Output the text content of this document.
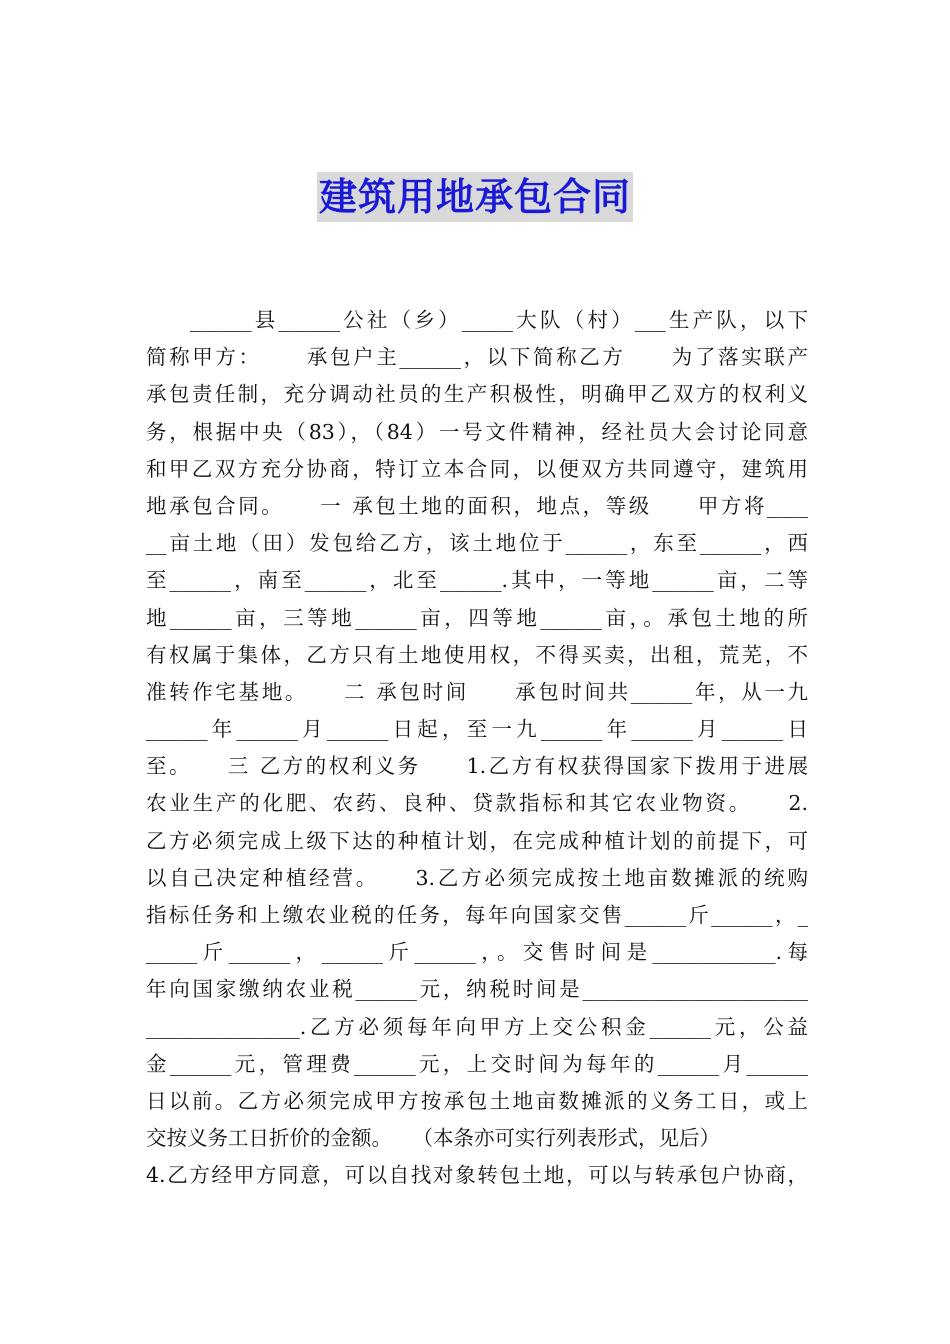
建筑用地承包合同
______县______公社（乡）_____大队（村）___生产队，以下
简称甲方：　　 承包户主______，以下简称乙方　　为了落实联产
承包责任制，充分调动社员的生产积极性，明确甲乙双方的权利义
务，根据中央（83），（84）一号文件精神，经社员大会讨论同意
和甲乙双方充分协商，特订立本合同，以便双方共同遵守，建筑用
地承包合同。　　一 承包土地的面积，地点，等级　　甲方将____
__亩土地（田）发包给乙方，该土地位于______，东至______，西
至______，南至______，北至______.其中，一等地______亩，二等
地______亩，三等地______亩，四等地______亩，。承包土地的所
有权属于集体，乙方只有土地使用权，不得买卖，出租，荒芜，不
准转作宅基地。　　二 承包时间　　承包时间共______年，从一九
______年______月______日起，至一九______年______月______日
至。　　三 乙方的权利义务　　1.乙方有权获得国家下拨用于进展
农业生产的化肥、农药、良种、贷款指标和其它农业物资。　　2.
乙方必须完成上级下达的种植计划，在完成种植计划的前提下，可
以自己决定种植经营。　　3.乙方必须完成按土地亩数摊派的统购
指标任务和上缴农业税的任务，每年向国家交售______斤______，_
_____斤______，______斤______，。交售时间是____________.每
年向国家缴纳农业税______元，纳税时间是______________________
_______________.乙方必须每年向甲方上交公积金______元，公益
金______元，管理费______元，上交时间为每年的______月______
日以前。乙方必须完成甲方按承包土地亩数摊派的义务工日，或上
交按义务工日折价的金额。　　（本条亦可实行列表形式，见后）
4.乙方经甲方同意，可以自找对象转包土地，可以与转承包户协商，
